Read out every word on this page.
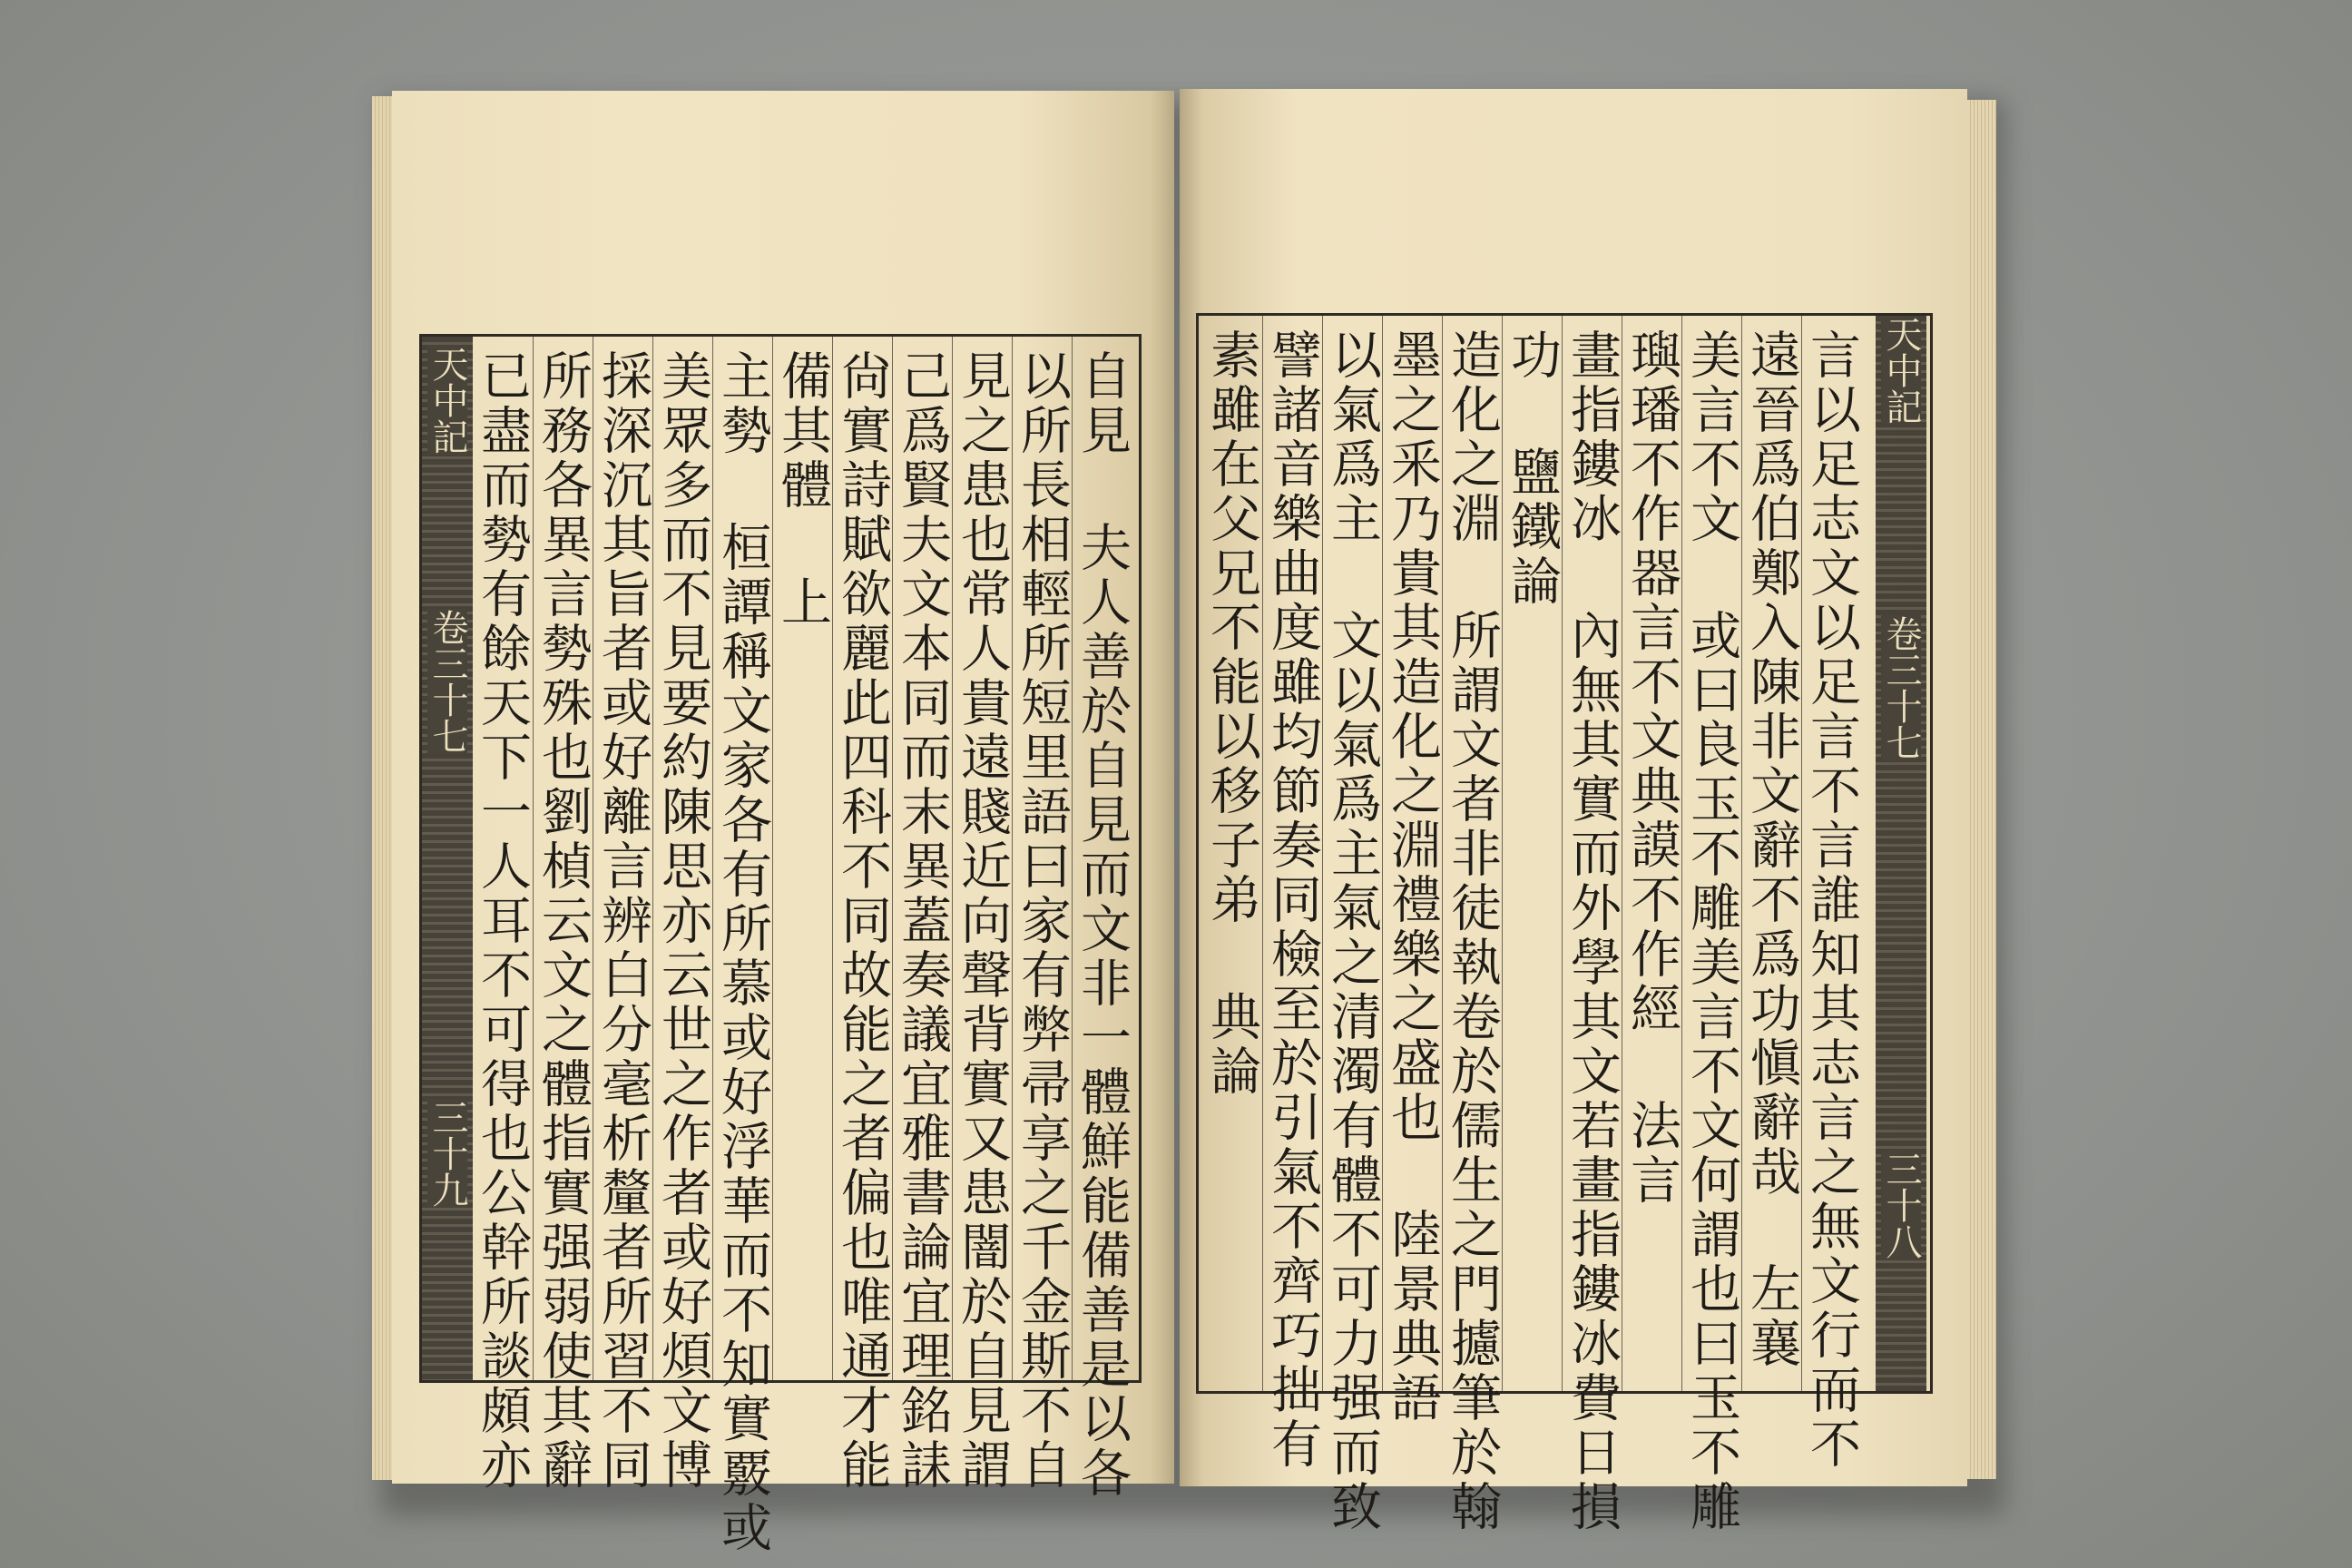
天中記
卷三十七
三十九 已盡而勢有餘天下一人耳不可得也公幹所談頗亦 所務各異言勢殊也劉楨云文之體指實强弱使其辭 採深沉其旨者或好離言辨白分毫析釐者所習不同 美眾多而不見要約陳思亦云世之作者或好煩文博 主勢 桓譚稱文家各有所慕或好浮華而不知實覈或 備其體 上 尙實詩賦欲麗此四科不同故能之者偏也唯通才能 己爲賢夫文本同而末異蓋奏議宜雅書論宜理銘誄 見之患也常人貴遠賤近向聲背實又患闇於自見謂 以所長相輕所短里語曰家有弊帚享之千金斯不自 自見 夫人善於自見而文非一體鮮能備善是以各 素雖在父兄不能以移子弟 典論 譬諸音樂曲度雖均節奏同檢至於引氣不齊巧拙有 以氣爲主 文以氣爲主氣之清濁有體不可力强而致 墨之釆乃貴其造化之淵禮樂之盛也 陸景典語 造化之淵 所謂文者非徒執卷於儒生之門攄筆於翰 功 鹽鐵論 畫指鏤冰 內無其實而外學其文若畫指鏤冰費日損 璵璠不作器言不文典謨不作經 法言 美言不文 或曰良玉不雕美言不文何謂也曰玉不雕 遠晉爲伯鄭入陳非文辭不爲功愼辭哉 左襄 言以足志文以足言不言誰知其志言之無文行而不 天中記
卷三十七
三十八
